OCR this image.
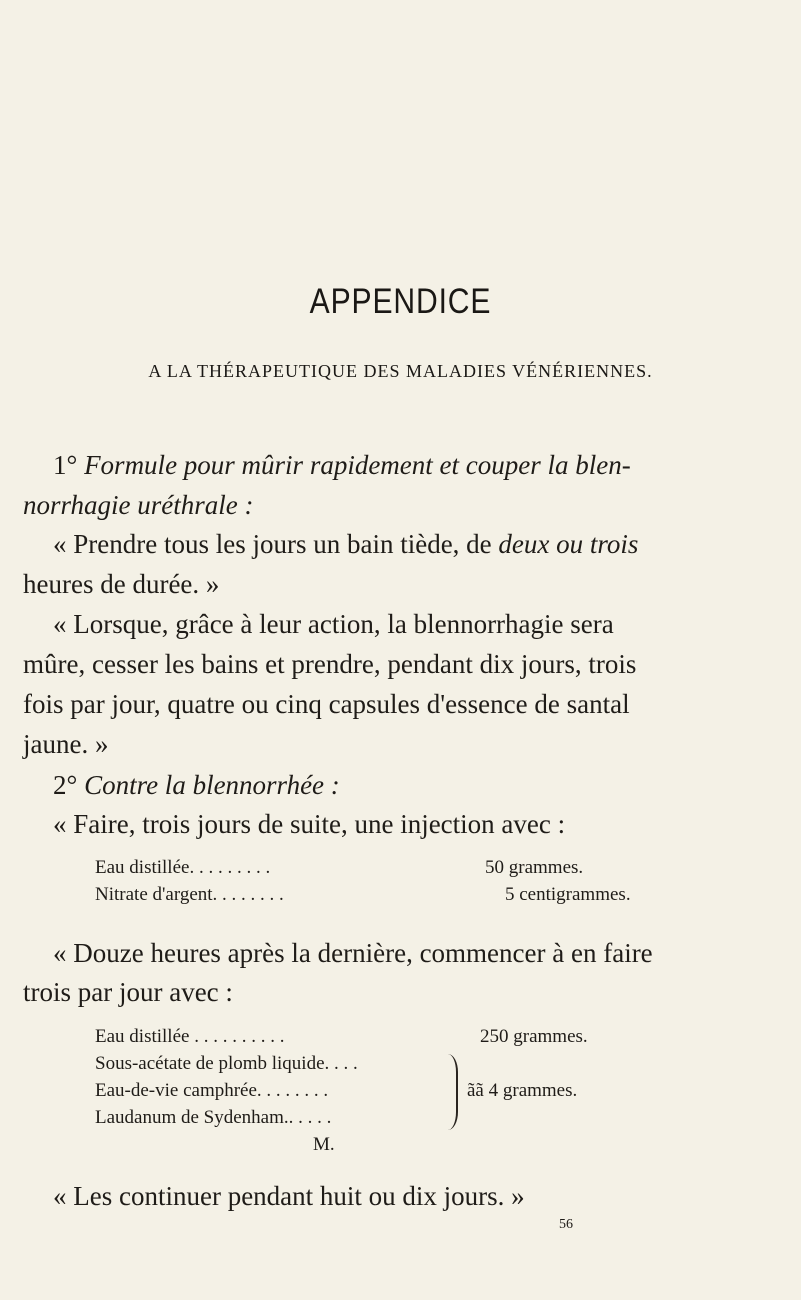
APPENDICE
A LA THÉRAPEUTIQUE DES MALADIES VÉNÉRIENNES.
1° Formule pour mûrir rapidement et couper la blen-
norrhagie uréthrale :
« Prendre tous les jours un bain tiède, de deux ou trois
heures de durée. »
« Lorsque, grâce à leur action, la blennorrhagie sera
mûre, cesser les bains et prendre, pendant dix jours, trois
fois par jour, quatre ou cinq capsules d'essence de santal
jaune. »
2° Contre la blennorrhée :
« Faire, trois jours de suite, une injection avec :
Eau distillée. . . . . . . . .	50 grammes.
Nitrate d'argent. . . . . . . .	5 centigrammes.
« Douze heures après la dernière, commencer à en faire
trois par jour avec :
Eau distillée . . . . . . . . . .	250 grammes.
Sous-acétate de plomb liquide. . . .
Eau-de-vie camphrée. . . . . . . .
Laudanum de Sydenham.. . . . .
ãã 4 grammes.
M.
« Les continuer pendant huit ou dix jours. »
56
